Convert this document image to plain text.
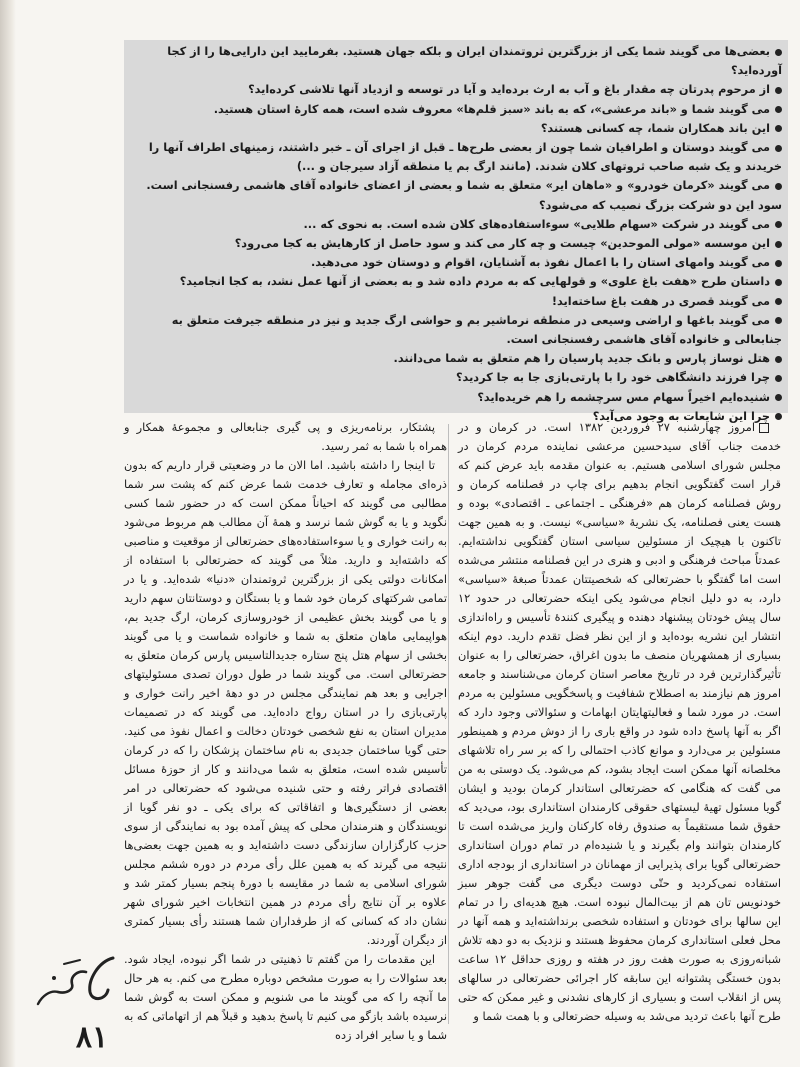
بعضی‌ها می گویند شما یکی از بزرگترین ثروتمندان ایران و بلکه جهان هستید. بفرمایید این دارایی‌ها را از کجا آورده‌اید؟

از مرحوم پدرتان چه مقدار باغ و آب به ارث برده‌اید و آیا در توسعه و ازدیاد آنها تلاشی کرده‌اید؟

می گویند شما و «باند مرعشی»، که به باند «سبز قلم‌ها» معروف شده است، همه کارهٔ استان هستید.

این باند همکاران شما، چه کسانی هستند؟

می گویند دوستان و اطرافیان شما چون از بعضی طرح‌ها ـ قبل از اجرای آن ـ خبر داشتند، زمینهای اطراف آنها را خریدند و یک شبه صاحب ثروتهای کلان شدند. (مانند ارگ بم یا منطقه آزاد سیرجان و ...)

می گویند «کرمان خودرو» و «ماهان ایر» متعلق به شما و بعضی از اعضای خانواده آقای هاشمی رفسنجانی است. سود این دو شرکت بزرگ نصیب که می‌شود؟

می گویند در شرکت «سهام طلایی» سوءاستفاده‌های کلان شده است. به نحوی که ...

این موسسه «مولی الموحدین» چیست و چه کار می کند و سود حاصل از کارهایش به کجا می‌رود؟

می گویند وامهای استان را با اعمال نفوذ به آشنایان، اقوام و دوستان خود می‌دهید.

داستان طرح «هفت باغ علوی» و قولهایی که به مردم داده شد و به بعضی از آنها عمل نشد، به کجا انجامید؟

می گویند قصری در هفت باغ ساخته‌اید!

می گویند باغها و اراضی وسیعی در منطقه نرماشیر بم و حواشی ارگ جدید و نیز در منطقه جیرفت متعلق به جنابعالی و خانواده آقای هاشمی رفسنجانی است.

هتل نوساز پارس و بانک جدید پارسیان را هم متعلق به شما می‌دانند.

چرا فرزند دانشگاهی خود را با پارتی‌بازی جا به جا کردید؟

شنیده‌ایم اخیراً سهام مس سرچشمه را هم خریده‌اید؟

چرا این شایعات به وجود می‌آید؟

امروز چهارشنبه ۲۷ فروردین ۱۳۸۲ است. در کرمان و در خدمت جناب آقای سیدحسین مرعشی نماینده مردم کرمان در مجلس شورای اسلامی هستیم. به عنوان مقدمه باید عرض کنم که قرار است گفتگویی انجام بدهیم برای چاپ در فصلنامه کرمان و روش فصلنامه کرمان هم «فرهنگی ـ اجتماعی ـ اقتصادی» بوده و هست یعنی فصلنامه، یک نشریهٔ «سیاسی» نیست. و به همین جهت تاکنون با هیچیک از مسئولین سیاسی استان گفتگویی نداشته‌ایم. عمدتاً مباحث فرهنگی و ادبی و هنری در این فصلنامه منتشر می‌شده است اما گفتگو با حضرتعالی که شخصیتتان عمدتاً صبغهٔ «سیاسی» دارد، به دو دلیل انجام می‌شود یکی اینکه حضرتعالی در حدود ۱۲ سال پیش خودتان پیشنهاد دهنده و پیگیری کنندهٔ تأسیس و راه‌اندازی انتشار این نشریه بوده‌اید و از این نظر فضل تقدم دارید. دوم اینکه بسیاری از همشهریان منصف ما بدون اغراق، حضرتعالی را به عنوان تأثیرگذارترین فرد در تاریخ معاصر استان کرمان می‌شناسند و جامعه امروز هم نیازمند به اصطلاح شفافیت و پاسخگویی مسئولین به مردم است. در مورد شما و فعالیتهایتان ابهامات و سئوالاتی وجود دارد که اگر به آنها پاسخ داده شود در واقع باری را از دوش مردم و همینطور مسئولین بر می‌دارد و موانع کاذب احتمالی را که بر سر راه تلاشهای مخلصانه آنها ممکن است ایجاد بشود، کم می‌شود. یک دوستی به من می گفت که هنگامی که حضرتعالی استاندار کرمان بودید و ایشان گویا مسئول تهیهٔ لیستهای حقوقی کارمندان استانداری بود، می‌دید که حقوق شما مستقیماً به صندوق رفاه کارکنان واریز می‌شده است تا کارمندان بتوانند وام بگیرند و یا شنیده‌ام در تمام دوران استانداری حضرتعالی گویا برای پذیرایی از مهمانان در استانداری از بودجه اداری استفاده نمی‌کردید و حتّی دوست دیگری می گفت جوهر سبز خودنویس تان هم از بیت‌المال نبوده است. هیچ هدیه‌ای را در تمام این سالها برای خودتان و استفاده شخصی برنداشته‌اید و همه آنها در محل فعلی استانداری کرمان محفوظ هستند و نزدیک به دو دهه تلاش شبانه‌روزی به صورت هفت روز در هفته و روزی حداقل ۱۲ ساعت بدون خستگی پشتوانه این سابقه کار اجرائی حضرتعالی در سالهای پس از انقلاب است و بسیاری از کارهای نشدنی و غیر ممکن که حتی طرح آنها باعث تردید می‌شد به وسیله حضرتعالی و با همت شما و

پشتکار، برنامه‌ریزی و پی گیری جنابعالی و مجموعهٔ همکار و همراه با شما به ثمر رسید.

تا اینجا را داشته باشید. اما الان ما در وضعیتی قرار داریم که بدون ذره‌ای مجامله و تعارف خدمت شما عرض کنم که پشت سر شما مطالبی می گویند که احیاناً ممکن است که در حضور شما کسی نگوید و یا به گوش شما نرسد و همهٔ آن مطالب هم مربوط می‌شود به رانت خواری و یا سوءاستفاده‌های حضرتعالی از موقعیت و مناصبی که داشته‌اید و دارید. مثلاً می گویند که حضرتعالی با استفاده از امکانات دولتی یکی از بزرگترین ثروتمندان «دنیا» شده‌اید. و یا در تمامی شرکتهای کرمان خود شما و یا بستگان و دوستانتان سهم دارید و یا می گویند بخش عظیمی از خودروسازی کرمان، ارگ جدید بم، هواپیمایی ماهان متعلق به شما و خانواده شماست و یا می گویند بخشی از سهام هتل پنج ستاره جدیدالتاسیس پارس کرمان متعلق به حضرتعالی است. می گویند شما در طول دوران تصدی مسئولیتهای اجرایی و بعد هم نمایندگی مجلس در دو دههٔ اخیر رانت خواری و پارتی‌بازی را در استان رواج داده‌اید. می گویند که در تصمیمات مدیران استان به نفع شخصی خودتان دخالت و اعمال نفوذ می کنید. حتی گویا ساختمان جدیدی به نام ساختمان پزشکان را که در کرمان تأسیس شده است، متعلق به شما می‌دانند و کار از حوزهٔ مسائل اقتصادی فراتر رفته و حتی شنیده می‌شود که حضرتعالی در امر بعضی از دستگیری‌ها و اتفاقاتی که برای یکی ـ دو نفر گویا از نویسندگان و هنرمندان محلی که پیش آمده بود به نمایندگی از سوی حزب کارگزاران سازندگی دست داشته‌اید و به همین جهت بعضی‌ها نتیجه می گیرند که به همین علل رأی مردم در دوره ششم مجلس شورای اسلامی به شما در مقایسه با دورهٔ پنجم بسیار کمتر شد و علاوه بر آن نتایج رأی مردم در همین انتخابات اخیر شورای شهر نشان داد که کسانی که از طرفداران شما هستند رأی بسیار کمتری از دیگران آوردند.

این مقدمات را من گفتم تا ذهنیتی در شما اگر نبوده، ایجاد شود. بعد سئوالات را به صورت مشخص دوباره مطرح می کنم. به هر حال ما آنچه را که می گویند ما می شنویم و ممکن است به گوش شما نرسیده باشد بازگو می کنیم تا پاسخ بدهید و قبلاً هم از اتهاماتی که به شما و یا سایر افراد زده

۸۱
